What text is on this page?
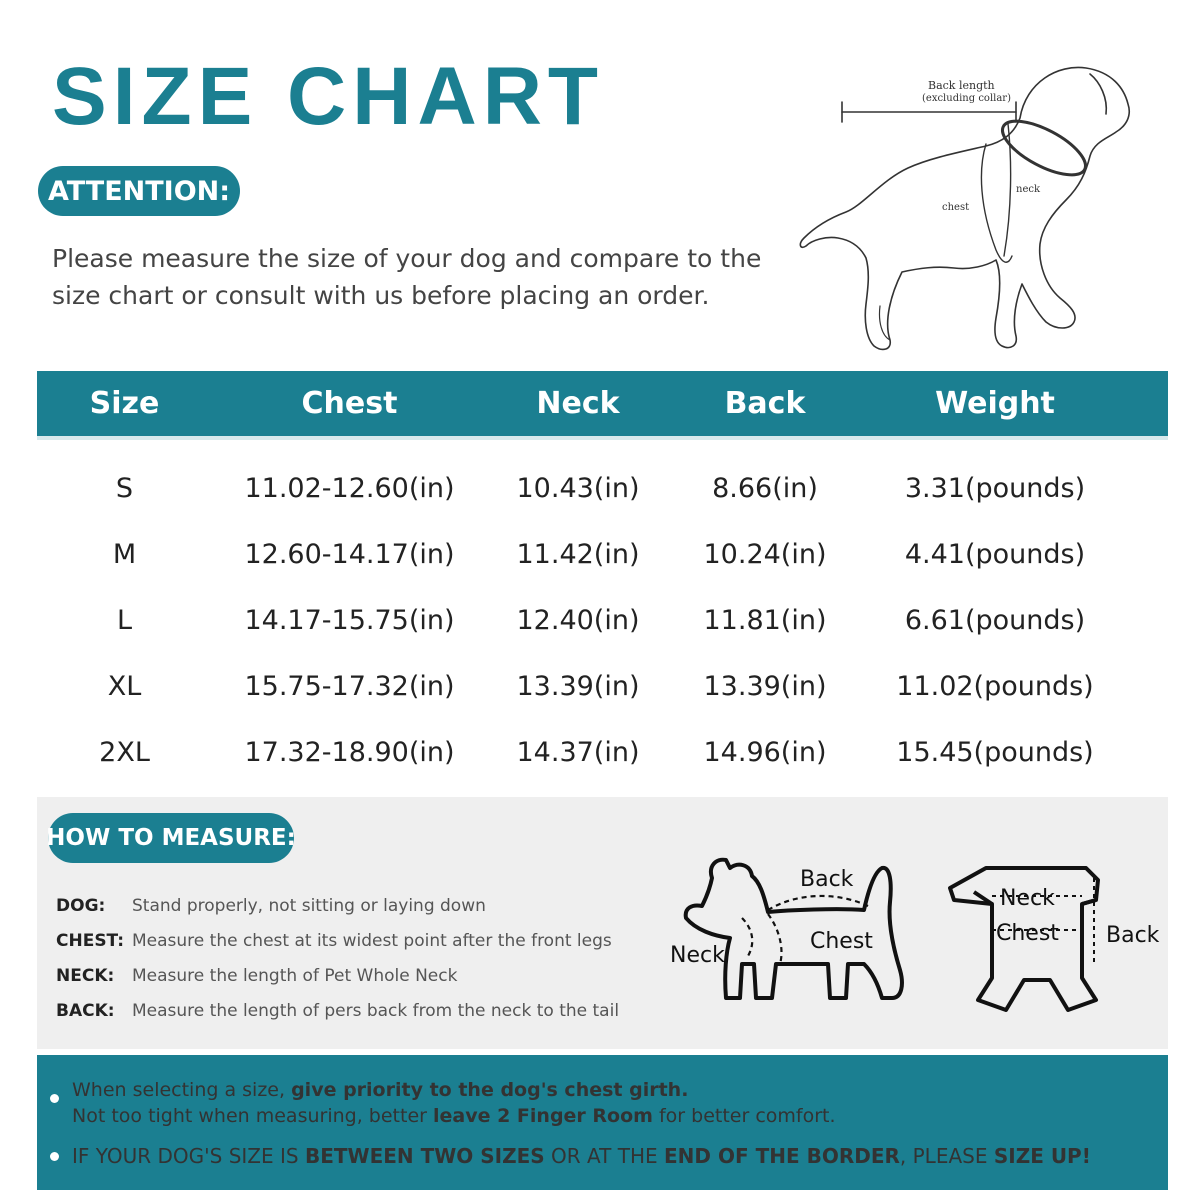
SIZE CHART
ATTENTION:

Please measure the size of your dog and compare to the size chart or consult with us before placing an order.

Back length
(excluding collar)
chest
neck
Size	Chest	Neck	Back	Weight
S	11.02-12.60(in)	10.43(in)	8.66(in)	3.31(pounds)
M	12.60-14.17(in)	11.42(in)	10.24(in)	4.41(pounds)
L	14.17-15.75(in)	12.40(in)	11.81(in)	6.61(pounds)
XL	15.75-17.32(in)	13.39(in)	13.39(in)	11.02(pounds)
2XL	17.32-18.90(in)	14.37(in)	14.96(in)	15.45(pounds)
HOW TO MEASURE:
DOG: Stand properly, not sitting or laying down
CHEST: Measure the chest at its widest point after the front legs
NECK: Measure the length of Pet Whole Neck
BACK: Measure the length of pers back from the neck to the tail
Back
Chest
Neck
Neck
Chest Back
When selecting a size, give priority to the dog's chest girth.
Not too tight when measuring, better leave 2 Finger Room for better comfort.
IF YOUR DOG'S SIZE IS BETWEEN TWO SIZES OR AT THE END OF THE BORDER, PLEASE SIZE UP!
